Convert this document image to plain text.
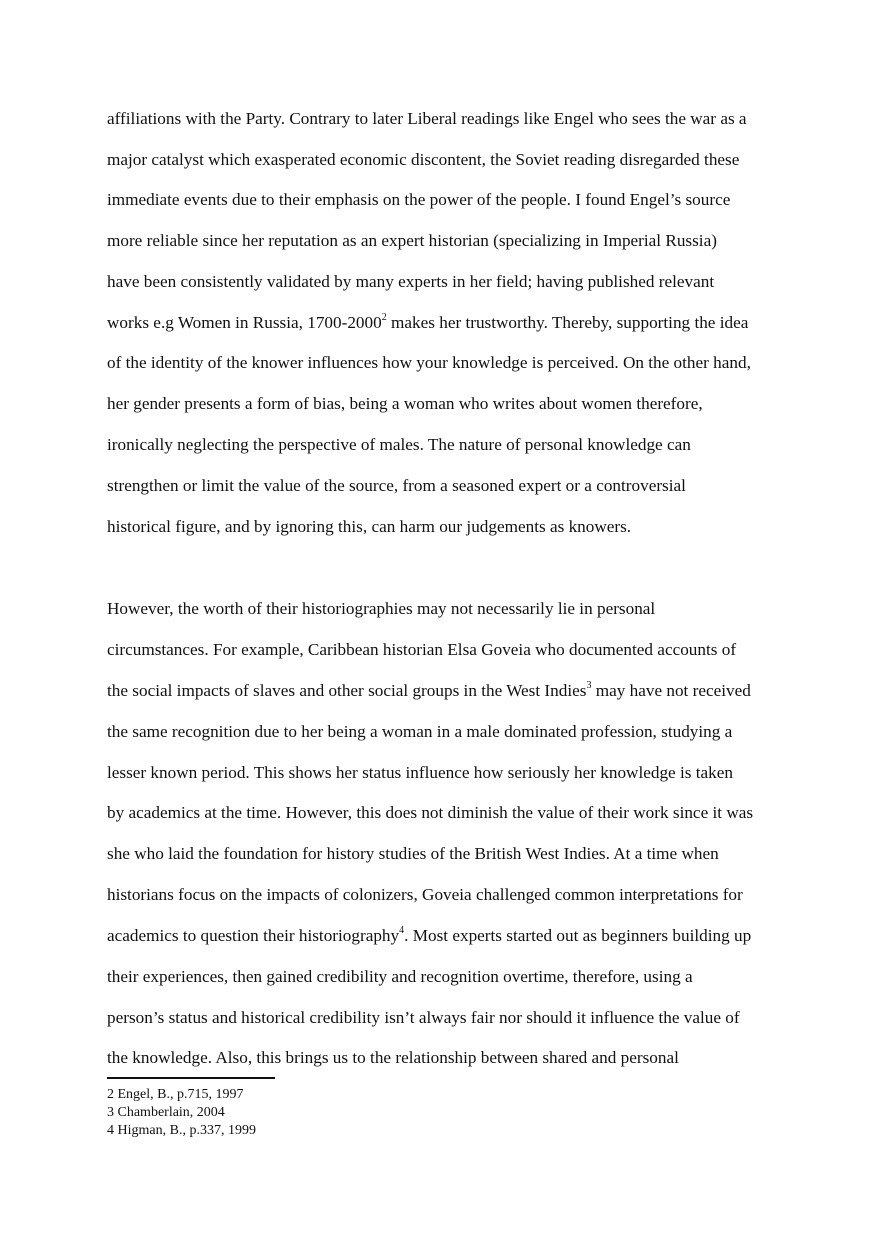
affiliations with the Party. Contrary to later Liberal readings like Engel who sees the war as a

major catalyst which exasperated economic discontent, the Soviet reading disregarded these

immediate events due to their emphasis on the power of the people. I found Engel’s source

more reliable since her reputation as an expert historian (specializing in Imperial Russia)

have been consistently validated by many experts in her field; having published relevant

works e.g Women in Russia, 1700-2000$^2$ makes her trustworthy. Thereby, supporting the idea

of the identity of the knower influences how your knowledge is perceived. On the other hand,

her gender presents a form of bias, being a woman who writes about women therefore,

ironically neglecting the perspective of males. The nature of personal knowledge can

strengthen or limit the value of the source, from a seasoned expert or a controversial

historical figure, and by ignoring this, can harm our judgements as knowers.

However, the worth of their historiographies may not necessarily lie in personal

circumstances. For example, Caribbean historian Elsa Goveia who documented accounts of

the social impacts of slaves and other social groups in the West Indies$^3$ may have not received

the same recognition due to her being a woman in a male dominated profession, studying a

lesser known period. This shows her status influence how seriously her knowledge is taken

by academics at the time. However, this does not diminish the value of their work since it was

she who laid the foundation for history studies of the British West Indies. At a time when

historians focus on the impacts of colonizers, Goveia challenged common interpretations for

academics to question their historiography$^4$. Most experts started out as beginners building up

their experiences, then gained credibility and recognition overtime, therefore, using a

person’s status and historical credibility isn’t always fair nor should it influence the value of

the knowledge. Also, this brings us to the relationship between shared and personal

2 Engel, B., p.715, 1997

3 Chamberlain, 2004

4 Higman, B., p.337, 1999
